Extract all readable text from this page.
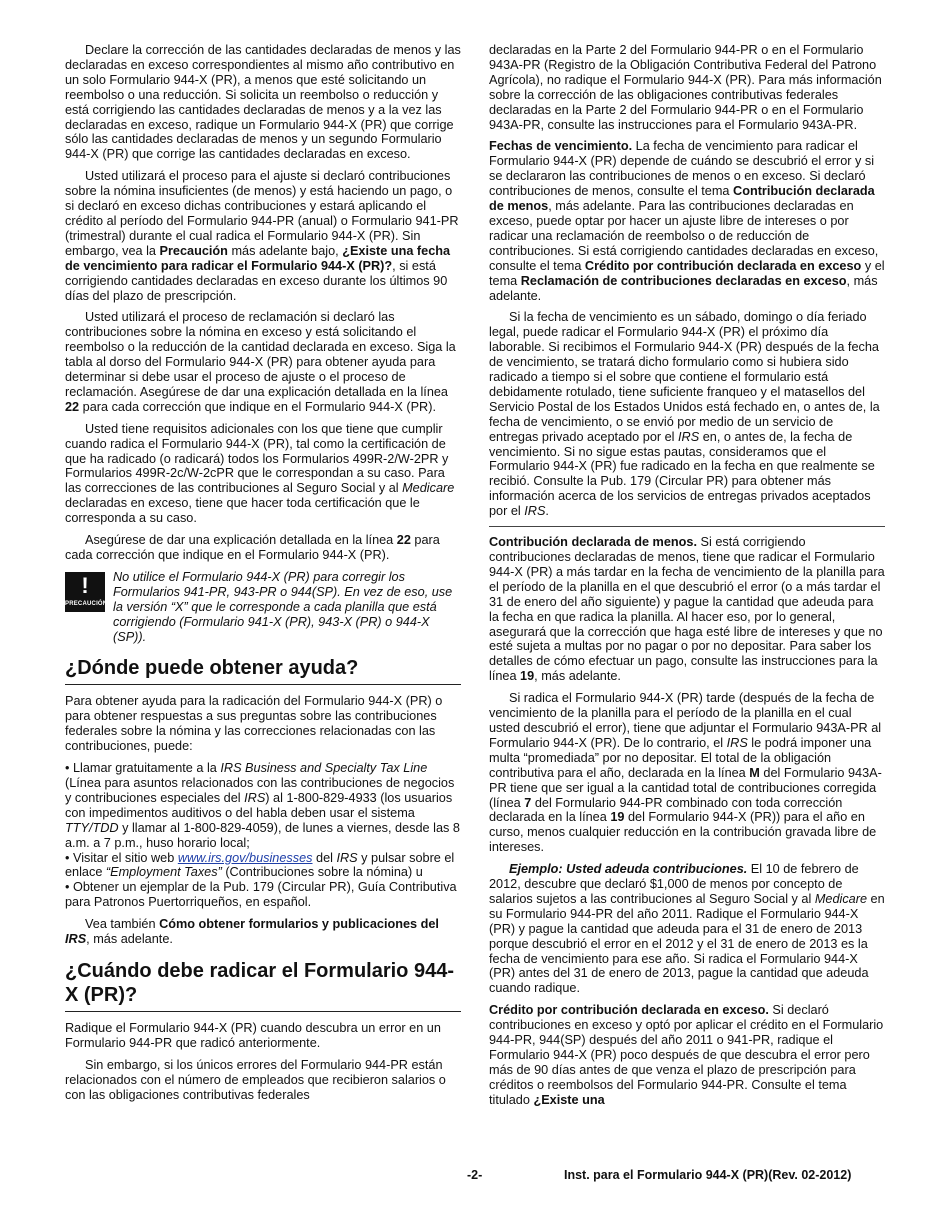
Declare la corrección de las cantidades declaradas de menos y las declaradas en exceso correspondientes al mismo año contributivo en un solo Formulario 944-X (PR), a menos que esté solicitando un reembolso o una reducción. Si solicita un reembolso o reducción y está corrigiendo las cantidades declaradas de menos y a la vez las declaradas en exceso, radique un Formulario 944-X (PR) que corrige sólo las cantidades declaradas de menos y un segundo Formulario 944-X (PR) que corrige las cantidades declaradas en exceso.

Usted utilizará el proceso para el ajuste si declaró contribuciones sobre la nómina insuficientes (de menos) y está haciendo un pago, o si declaró en exceso dichas contribuciones y estará aplicando el crédito al período del Formulario 944-PR (anual) o Formulario 941-PR (trimestral) durante el cual radica el Formulario 944-X (PR). Sin embargo, vea la Precaución más adelante bajo, ¿Existe una fecha de vencimiento para radicar el Formulario 944-X (PR)?, si está corrigiendo cantidades declaradas en exceso durante los últimos 90 días del plazo de prescripción.

Usted utilizará el proceso de reclamación si declaró las contribuciones sobre la nómina en exceso y está solicitando el reembolso o la reducción de la cantidad declarada en exceso. Siga la tabla al dorso del Formulario 944-X (PR) para obtener ayuda para determinar si debe usar el proceso de ajuste o el proceso de reclamación. Asegúrese de dar una explicación detallada en la línea 22 para cada corrección que indique en el Formulario 944-X (PR).

Usted tiene requisitos adicionales con los que tiene que cumplir cuando radica el Formulario 944-X (PR), tal como la certificación de que ha radicado (o radicará) todos los Formularios 499R-2/W-2PR y Formularios 499R-2c/W-2cPR que le correspondan a su caso. Para las correcciones de las contribuciones al Seguro Social y al Medicare declaradas en exceso, tiene que hacer toda certificación que le corresponda a su caso.

Asegúrese de dar una explicación detallada en la línea 22 para cada corrección que indique en el Formulario 944-X (PR).

!
PRECAUCIÓN
No utilice el Formulario 944-X (PR) para corregir los Formularios 941-PR, 943-PR o 944(SP). En vez de eso, use la versión “X” que le corresponde a cada planilla que está corrigiendo (Formulario 941-X (PR), 943-X (PR) o 944-X (SP)).
¿Dónde puede obtener ayuda?

Para obtener ayuda para la radicación del Formulario 944-X (PR) o para obtener respuestas a sus preguntas sobre las contribuciones federales sobre la nómina y las correcciones relacionadas con las contribuciones, puede:

• Llamar gratuitamente a la IRS Business and Specialty Tax Line (Línea para asuntos relacionados con las contribuciones de negocios y contribuciones especiales del IRS) al 1-800-829-4933 (los usuarios con impedimentos auditivos o del habla deben usar el sistema TTY/TDD y llamar al 1-800-829-4059), de lunes a viernes, desde las 8 a.m. a 7 p.m., huso horario local;
• Visitar el sitio web www.irs.gov/businesses del IRS y pulsar sobre el enlace “Employment Taxes” (Contribuciones sobre la nómina) u
• Obtener un ejemplar de la Pub. 179 (Circular PR), Guía Contributiva para Patronos Puertorriqueños, en español.

Vea también Cómo obtener formularios y publicaciones del IRS, más adelante.

¿Cuándo debe radicar el Formulario 944-X (PR)?

Radique el Formulario 944-X (PR) cuando descubra un error en un Formulario 944-PR que radicó anteriormente.

Sin embargo, si los únicos errores del Formulario 944-PR están relacionados con el número de empleados que recibieron salarios o con las obligaciones contributivas federales

declaradas en la Parte 2 del Formulario 944-PR o en el Formulario 943A-PR (Registro de la Obligación Contributiva Federal del Patrono Agrícola), no radique el Formulario 944-X (PR). Para más información sobre la corrección de las obligaciones contributivas federales declaradas en la Parte 2 del Formulario 944-PR o en el Formulario 943A-PR, consulte las instrucciones para el Formulario 943A-PR.

Fechas de vencimiento. La fecha de vencimiento para radicar el Formulario 944-X (PR) depende de cuándo se descubrió el error y si se declararon las contribuciones de menos o en exceso. Si declaró contribuciones de menos, consulte el tema Contribución declarada de menos, más adelante. Para las contribuciones declaradas en exceso, puede optar por hacer un ajuste libre de intereses o por radicar una reclamación de reembolso o de reducción de contribuciones. Si está corrigiendo cantidades declaradas en exceso, consulte el tema Crédito por contribución declarada en exceso y el tema Reclamación de contribuciones declaradas en exceso, más adelante.

Si la fecha de vencimiento es un sábado, domingo o día feriado legal, puede radicar el Formulario 944-X (PR) el próximo día laborable. Si recibimos el Formulario 944-X (PR) después de la fecha de vencimiento, se tratará dicho formulario como si hubiera sido radicado a tiempo si el sobre que contiene el formulario está debidamente rotulado, tiene suficiente franqueo y el matasellos del Servicio Postal de los Estados Unidos está fechado en, o antes de, la fecha de vencimiento, o se envió por medio de un servicio de entregas privado aceptado por el IRS en, o antes de, la fecha de vencimiento. Si no sigue estas pautas, consideramos que el Formulario 944-X (PR) fue radicado en la fecha en que realmente se recibió. Consulte la Pub. 179 (Circular PR) para obtener más información acerca de los servicios de entregas privados aceptados por el IRS.

Contribución declarada de menos. Si está corrigiendo contribuciones declaradas de menos, tiene que radicar el Formulario 944-X (PR) a más tardar en la fecha de vencimiento de la planilla para el período de la planilla en el que descubrió el error (o a más tardar el 31 de enero del año siguiente) y pague la cantidad que adeuda para la fecha en que radica la planilla. Al hacer eso, por lo general, asegurará que la corrección que haga esté libre de intereses y que no esté sujeta a multas por no pagar o por no depositar. Para saber los detalles de cómo efectuar un pago, consulte las instrucciones para la línea 19, más adelante.

Si radica el Formulario 944-X (PR) tarde (después de la fecha de vencimiento de la planilla para el período de la planilla en el cual usted descubrió el error), tiene que adjuntar el Formulario 943A-PR al Formulario 944-X (PR). De lo contrario, el IRS le podrá imponer una multa “promediada” por no depositar. El total de la obligación contributiva para el año, declarada en la línea M del Formulario 943A-PR tiene que ser igual a la cantidad total de contribuciones corregida (línea 7 del Formulario 944-PR combinado con toda corrección declarada en la línea 19 del Formulario 944-X (PR)) para el año en curso, menos cualquier reducción en la contribución gravada libre de intereses.

Ejemplo: Usted adeuda contribuciones. El 10 de febrero de 2012, descubre que declaró $1,000 de menos por concepto de salarios sujetos a las contribuciones al Seguro Social y al Medicare en su Formulario 944-PR del año 2011. Radique el Formulario 944-X (PR) y pague la cantidad que adeuda para el 31 de enero de 2013 porque descubrió el error en el 2012 y el 31 de enero de 2013 es la fecha de vencimiento para ese año. Si radica el Formulario 944-X (PR) antes del 31 de enero de 2013, pague la cantidad que adeuda cuando radique.

Crédito por contribución declarada en exceso. Si declaró contribuciones en exceso y optó por aplicar el crédito en el Formulario 944-PR, 944(SP) después del año 2011 o 941-PR, radique el Formulario 944-X (PR) poco después de que descubra el error pero más de 90 días antes de que venza el plazo de prescripción para créditos o reembolsos del Formulario 944-PR. Consulte el tema titulado ¿Existe una

-2-	Inst. para el Formulario 944-X (PR)(Rev. 02-2012)
